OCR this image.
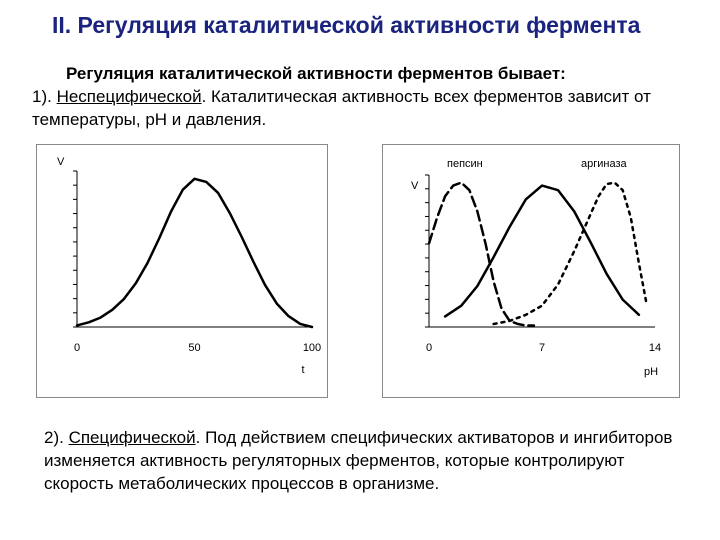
II. Регуляция каталитической активности фермента
Регуляция каталитической активности ферментов бывает:
1). Неспецифической. Каталитическая активность всех ферментов зависит от температуры, pH и давления.
0	50	100
V
t
0	7	14
V
pH
пепсин	аргиназа
2). Специфической. Под действием специфических активаторов и ингибиторов изменяется активность регуляторных ферментов, которые контролируют скорость метаболических процессов в организме.
